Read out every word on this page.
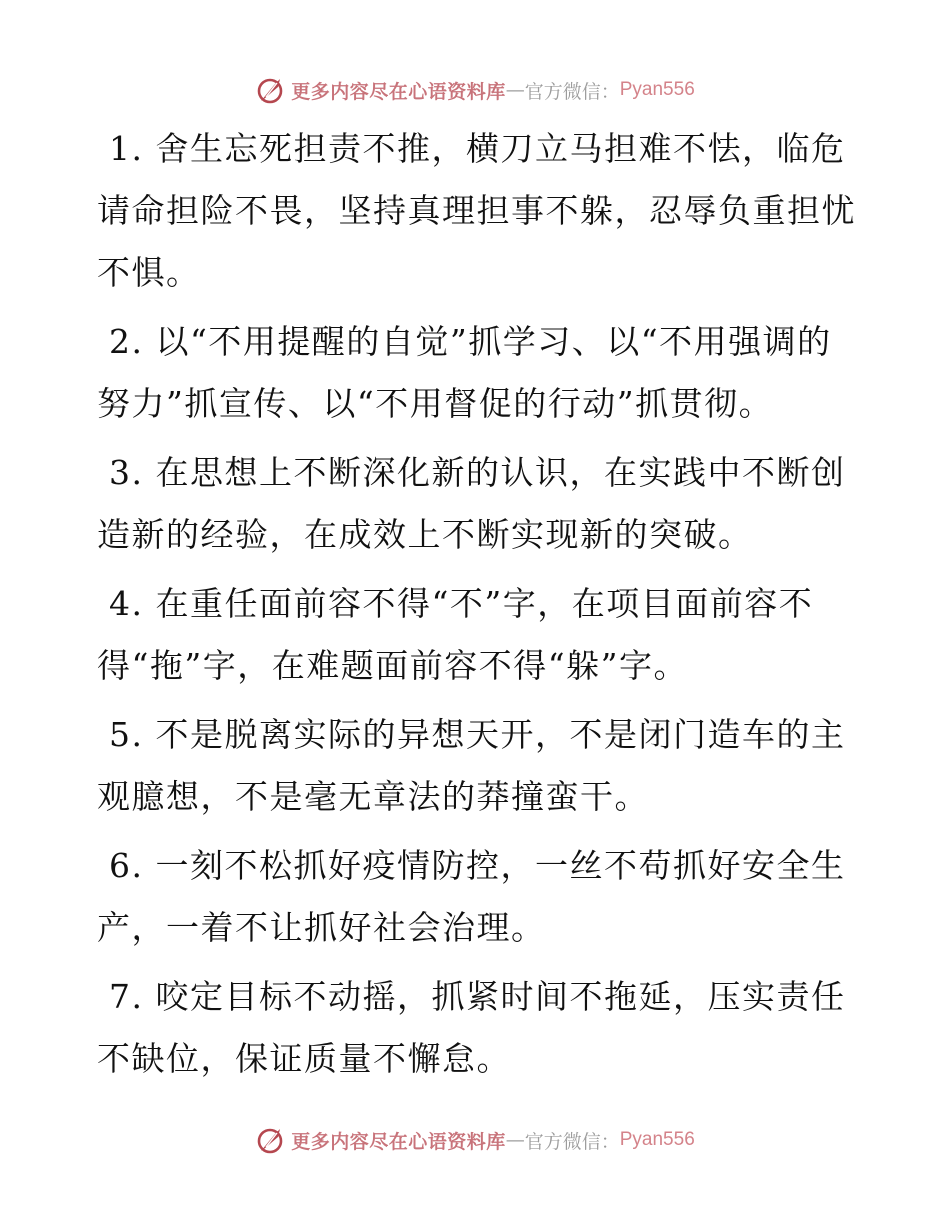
更多内容尽在心语资料库 — 官方微信： Pyan556

1. 舍生忘死担责不推，横刀立马担难不怯，临危请命担险不畏，坚持真理担事不躲，忍辱负重担忧不惧。

2. 以“不用提醒的自觉”抓学习、以“不用强调的努力”抓宣传、以“不用督促的行动”抓贯彻。

3. 在思想上不断深化新的认识，在实践中不断创造新的经验，在成效上不断实现新的突破。

4. 在重任面前容不得“不”字，在项目面前容不得“拖”字，在难题面前容不得“躲”字。

5. 不是脱离实际的异想天开，不是闭门造车的主观臆想，不是毫无章法的莽撞蛮干。

6. 一刻不松抓好疫情防控，一丝不苟抓好安全生产，一着不让抓好社会治理。

7. 咬定目标不动摇，抓紧时间不拖延，压实责任不缺位，保证质量不懈怠。

更多内容尽在心语资料库 — 官方微信： Pyan556
